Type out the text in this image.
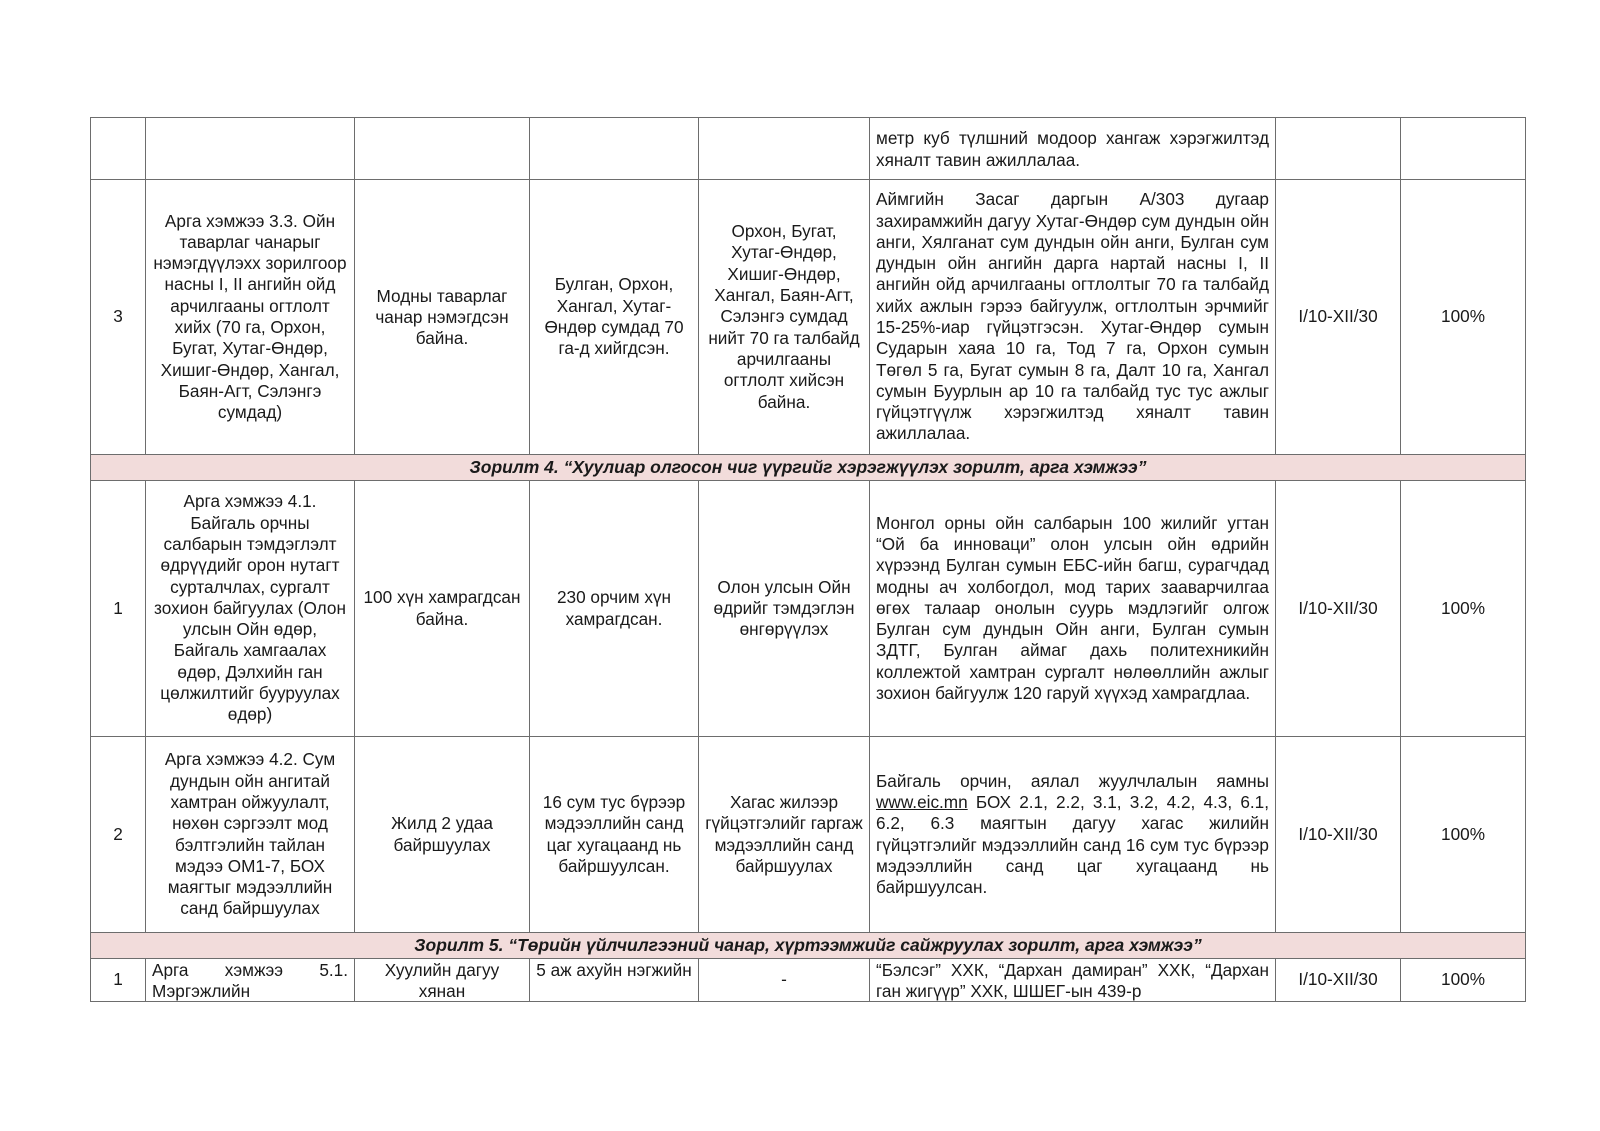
					метр куб түлшний модоор хангаж хэрэгжилтэд хяналт тавин ажиллалаа.		
3	Арга хэмжээ 3.3. Ойн таварлаг чанарыг нэмэгдүүлэхх зорилгоор насны I, II ангийн ойд арчилгааны огтлолт хийх (70 га, Орхон, Бугат, Хутаг-Өндөр, Хишиг-Өндөр, Хангал, Баян-Агт, Сэлэнгэ сумдад)	Модны таварлаг чанар нэмэгдсэн байна.	Булган, Орхон, Хангал, Хутаг-Өндөр сумдад 70 га-д хийгдсэн.	Орхон, Бугат, Хутаг-Өндөр, Хишиг-Өндөр, Хангал, Баян-Агт, Сэлэнгэ сумдад нийт 70 га талбайд арчилгааны огтлолт хийсэн байна.	Аймгийн Засаг даргын А/303 дугаар захирамжийн дагуу Хутаг-Өндөр сум дундын ойн анги, Хялганат сум дундын ойн анги, Булган сум дундын ойн ангийн дарга нартай насны I, II ангийн ойд арчилгааны огтлолтыг 70 га талбайд хийх ажлын гэрээ байгуулж, огтлолтын эрчмийг 15-25%-иар гүйцэтгэсэн. Хутаг-Өндөр сумын Сударын хаяа 10 га, Тод 7 га, Орхон сумын Төгөл 5 га, Бугат сумын 8 га, Далт 10 га, Хангал сумын Буурлын ар 10 га талбайд тус тус ажлыг гүйцэтгүүлж хэрэгжилтэд хяналт тавин ажиллалаа.	I/10-XII/30	100%
Зорилт 4. “Хуулиар олгосон чиг үүргийг хэрэгжүүлэх зорилт, арга хэмжээ”							
1	Арга хэмжээ 4.1. Байгаль орчны салбарын тэмдэглэлт өдрүүдийг орон нутагт сурталчлах, сургалт зохион байгуулах (Олон улсын Ойн өдөр, Байгаль хамгаалах өдөр, Дэлхийн ган цөлжилтийг бууруулах өдөр)	100 хүн хамрагдсан байна.	230 орчим хүн хамрагдсан.	Олон улсын Ойн өдрийг тэмдэглэн өнгөрүүлэх	Монгол орны ойн салбарын 100 жилийг угтан “Ой ба инноваци” олон улсын ойн өдрийн хүрээнд Булган сумын ЕБС-ийн багш, сурагчдад модны ач холбогдол, мод тарих зааварчилгаа өгөх талаар онолын суурь мэдлэгийг олгож Булган сум дундын Ойн анги, Булган сумын ЗДТГ, Булган аймаг дахь политехникийн коллежтой хамтран сургалт нөлөөллийн ажлыг зохион байгуулж 120 гаруй хүүхэд хамрагдлаа.	I/10-XII/30	100%
2	Арга хэмжээ 4.2. Сум дундын ойн ангитай хамтран ойжуулалт, нөхөн сэргээлт мод бэлтгэлийн тайлан мэдээ ОМ1-7, БОХ маягтыг мэдээллийн санд байршуулах	Жилд 2 удаа байршуулах	16 сум тус бүрээр мэдээллийн санд цаг хугацаанд нь байршуулсан.	Хагас жилээр гүйцэтгэлийг гаргаж мэдээллийн санд байршуулах	Байгаль орчин, аялал жуулчлалын яамны www.eic.mn БОХ 2.1, 2.2, 3.1, 3.2, 4.2, 4.3, 6.1, 6.2, 6.3 маягтын дагуу хагас жилийн гүйцэтгэлийг мэдээллийн санд 16 сум тус бүрээр мэдээллийн санд цаг хугацаанд нь байршуулсан.	I/10-XII/30	100%
Зорилт 5. “Төрийн үйлчилгээний чанар, хүртээмжийг сайжруулах зорилт, арга хэмжээ”							
1	Арга хэмжээ 5.1. Мэргэжлийн	Хуулийн дагуу хянан	5 аж ахуйн нэгжийн	-	“Бэлсэг” ХХК, “Дархан дамиран” ХХК, “Дархан ган жигүүр” ХХК, ШШЕГ-ын 439-р	I/10-XII/30	100%
